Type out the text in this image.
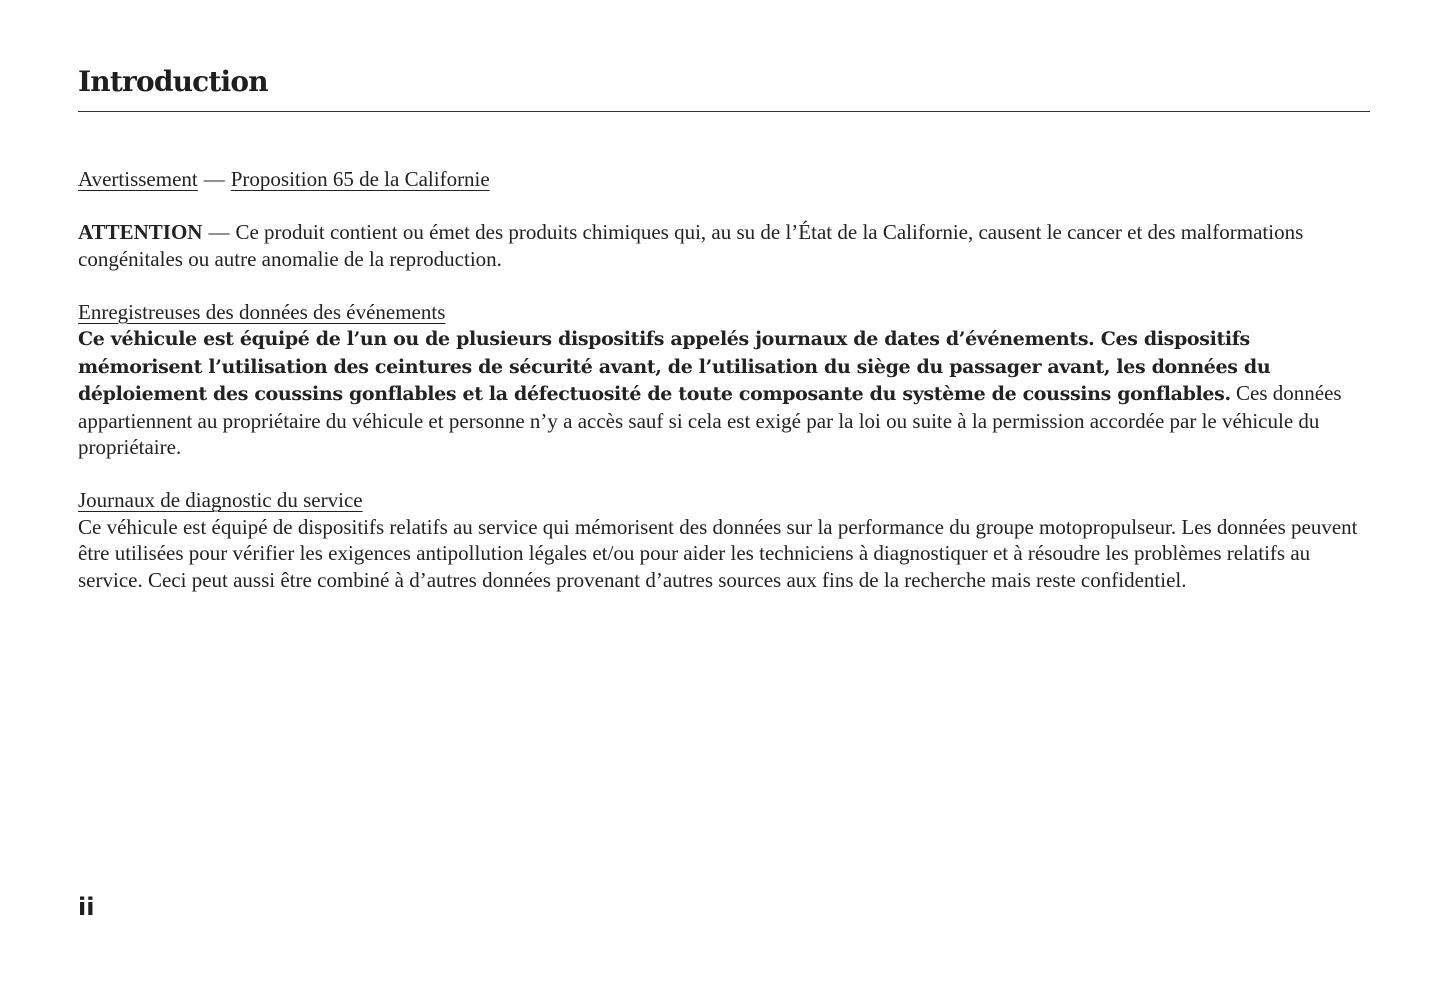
Introduction
Avertissement — Proposition 65 de la Californie

ATTENTION — Ce produit contient ou émet des produits chimiques qui, au su de l’État de la Californie, causent le cancer et des malformations congénitales ou autre anomalie de la reproduction.

Enregistreuses des données des événements

Ce véhicule est équipé de l’un ou de plusieurs dispositifs appelés journaux de dates d’événements. Ces dispositifs mémorisent l’utilisation des ceintures de sécurité avant, de l’utilisation du siège du passager avant, les données du déploiement des coussins gonflables et la défectuosité de toute composante du système de coussins gonflables. Ces données appartiennent au propriétaire du véhicule et personne n’y a accès sauf si cela est exigé par la loi ou suite à la permission accordée par le véhicule du propriétaire.

Journaux de diagnostic du service

Ce véhicule est équipé de dispositifs relatifs au service qui mémorisent des données sur la performance du groupe motopropulseur. Les données peuvent être utilisées pour vérifier les exigences antipollution légales et/ou pour aider les techniciens à diagnostiquer et à résoudre les problèmes relatifs au service. Ceci peut aussi être combiné à d’autres données provenant d’autres sources aux fins de la recherche mais reste confidentiel.

ii
